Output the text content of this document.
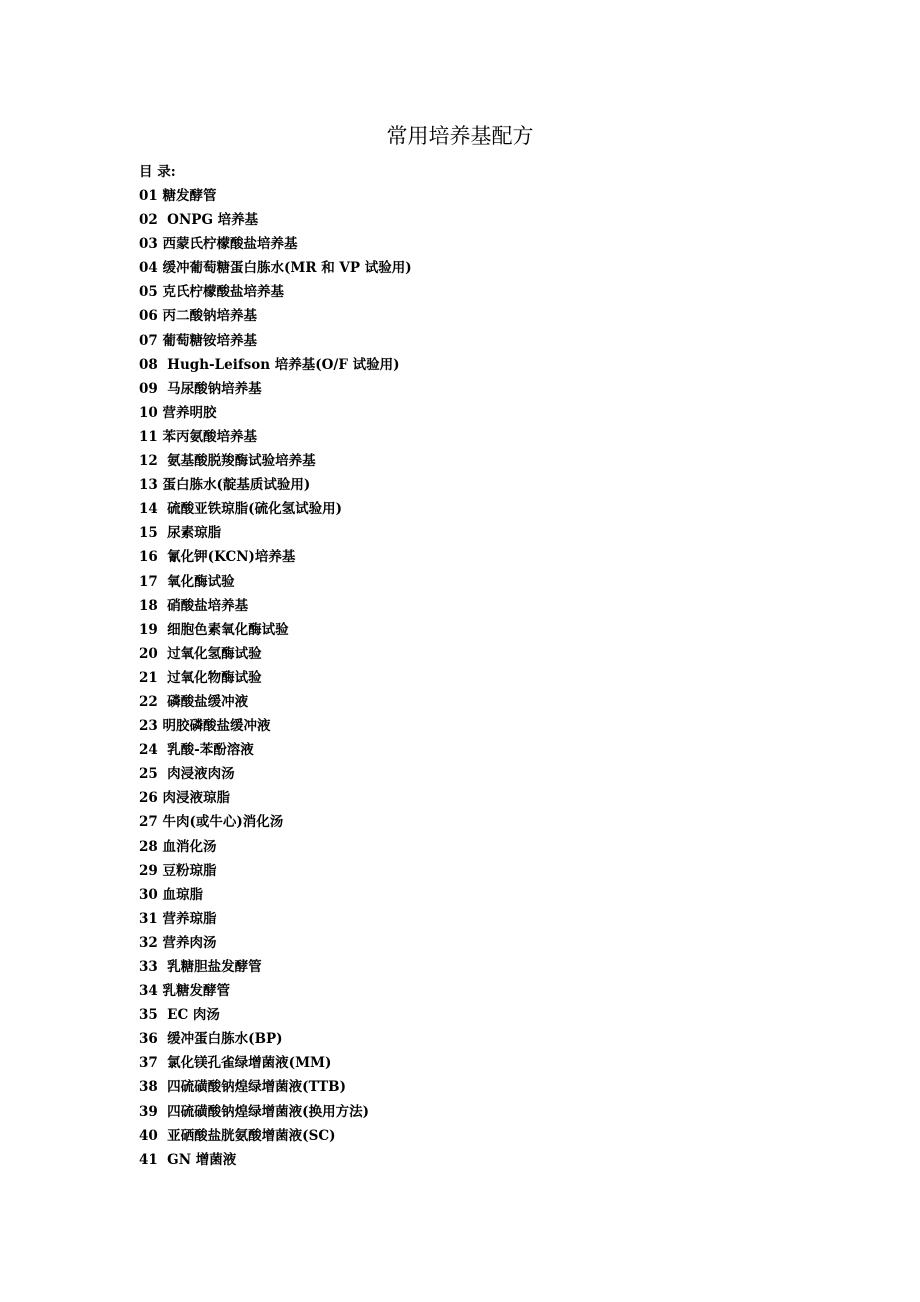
常用培养基配方
目 录:
01 糖发酵管
02  ONPG 培养基
03 西蒙氏柠檬酸盐培养基
04 缓冲葡萄糖蛋白胨水(MR 和 VP 试验用)
05 克氏柠檬酸盐培养基
06 丙二酸钠培养基
07 葡萄糖铵培养基
08  Hugh-Leifson 培养基(O/F 试验用)
09  马尿酸钠培养基
10 营养明胶
11 苯丙氨酸培养基
12  氨基酸脱羧酶试验培养基
13 蛋白胨水(靛基质试验用)
14  硫酸亚铁琼脂(硫化氢试验用)
15  尿素琼脂
16  氰化钾(KCN)培养基
17  氧化酶试验
18  硝酸盐培养基
19  细胞色素氧化酶试验
20  过氧化氢酶试验
21  过氧化物酶试验
22  磷酸盐缓冲液
23 明胶磷酸盐缓冲液
24  乳酸-苯酚溶液
25  肉浸液肉汤
26 肉浸液琼脂
27 牛肉(或牛心)消化汤
28 血消化汤
29 豆粉琼脂
30 血琼脂
31 营养琼脂
32 营养肉汤
33  乳糖胆盐发酵管
34 乳糖发酵管
35  EC 肉汤
36  缓冲蛋白胨水(BP)
37  氯化镁孔雀绿增菌液(MM)
38  四硫磺酸钠煌绿增菌液(TTB)
39  四硫磺酸钠煌绿增菌液(换用方法)
40  亚硒酸盐胱氨酸增菌液(SC)
41  GN 增菌液
